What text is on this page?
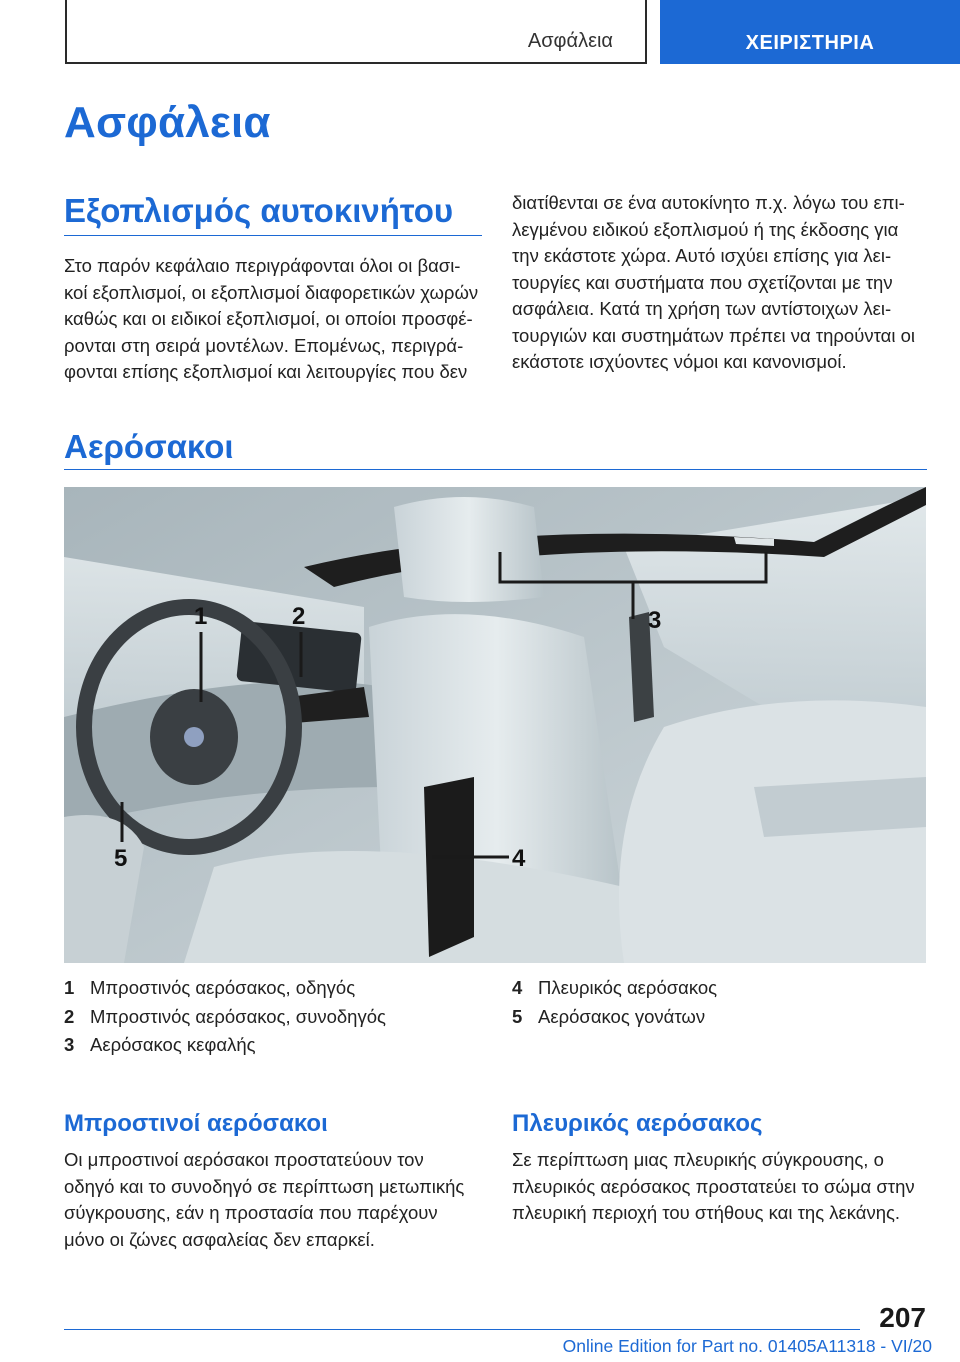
Ασφάλεια	ΧΕΙΡΙΣΤΗΡΙΑ
Ασφάλεια
Εξοπλισμός αυτοκινήτου
Στο παρόν κεφάλαιο περιγράφονται όλοι οι βασι-
κοί εξοπλισμοί, οι εξοπλισμοί διαφορετικών χωρών
καθώς και οι ειδικοί εξοπλισμοί, οι οποίοι προσφέ-
ρονται στη σειρά μοντέλων. Επομένως, περιγρά-
φονται επίσης εξοπλισμοί και λειτουργίες που δεν
διατίθενται σε ένα αυτοκίνητο π.χ. λόγω του επι-
λεγμένου ειδικού εξοπλισμού ή της έκδοσης για
την εκάστοτε χώρα. Αυτό ισχύει επίσης για λει-
τουργίες και συστήματα που σχετίζονται με την
ασφάλεια. Κατά τη χρήση των αντίστοιχων λει-
τουργιών και συστημάτων πρέπει να τηρούνται οι
εκάστοτε ισχύοντες νόμοι και κανονισμοί.
Αερόσακοι
1	2	3
4
5
1 Μπροστινός αερόσακος, οδηγός
2 Μπροστινός αερόσακος, συνοδηγός
3 Αερόσακος κεφαλής
4 Πλευρικός αερόσακος
5 Αερόσακος γονάτων
Μπροστινοί αερόσακοι
Οι μπροστινοί αερόσακοι προστατεύουν τον
οδηγό και το συνοδηγό σε περίπτωση μετωπικής
σύγκρουσης, εάν η προστασία που παρέχουν
μόνο οι ζώνες ασφαλείας δεν επαρκεί.
Πλευρικός αερόσακος
Σε περίπτωση μιας πλευρικής σύγκρουσης, ο
πλευρικός αερόσακος προστατεύει το σώμα στην
πλευρική περιοχή του στήθους και της λεκάνης.
207
Online Edition for Part no. 01405A11318 - VI/20
